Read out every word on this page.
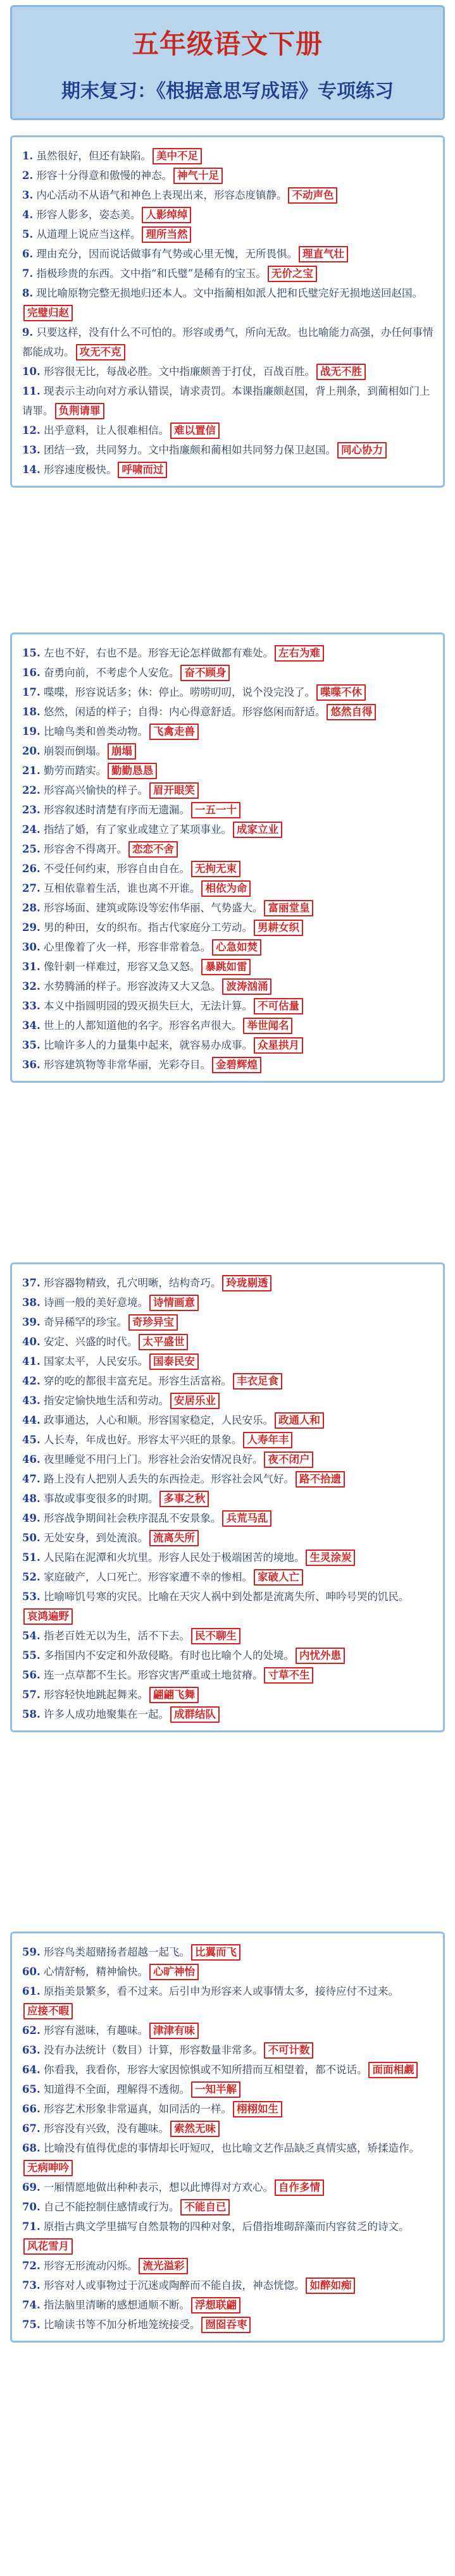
五年级语文下册
期末复习：《根据意思写成语》专项练习

1. 虽然很好，但还有缺陷。 美中不足

2. 形容十分得意和傲慢的神态。 神气十足

3. 内心活动不从语气和神色上表现出来，形容态度镇静。 不动声色

4. 形容人影多，姿态美。 人影绰绰

5. 从道理上说应当这样。 理所当然

6. 理由充分，因而说话做事有气势或心里无愧，无所畏惧。 理直气壮

7. 指极珍贵的东西。文中指“和氏璧”是稀有的宝玉。 无价之宝

8. 现比喻原物完整无损地归还本人。文中指蔺相如派人把和氏璧完好无损地送回赵国。完璧归赵

9. 只要这样，没有什么不可怕的。形容或勇气，所向无敌。也比喻能力高强，办任何事情都能成功。 攻无不克

10. 形容很无比，每战必胜。文中指廉颇善于打仗，百战百胜。 战无不胜

11. 现表示主动向对方承认错误，请求责罚。本课指廉颇赵国，背上荆条，到蔺相如门上请罪。 负荆请罪

12. 出乎意料，让人很难相信。 难以置信

13. 团结一致，共同努力。文中指廉颇和蔺相如共同努力保卫赵国。 同心协力

14. 形容速度极快。 呼啸而过

15. 左也不好，右也不是。形容无论怎样做都有难处。 左右为难

16. 奋勇向前，不考虑个人安危。 奋不顾身

17. 喋喋，形容说话多；休：停止。唠唠叨叨，说个没完没了。 喋喋不休

18. 悠然，闲适的样子；自得：内心得意舒适。形容悠闲而舒适。 悠然自得

19. 比喻鸟类和兽类动物。 飞禽走兽

20. 崩裂而倒塌。 崩塌

21. 勤劳而踏实。 勤勤恳恳

22. 形容高兴愉快的样子。 眉开眼笑

23. 形容叙述时清楚有序而无遗漏。 一五一十

24. 指结了婚，有了家业或建立了某项事业。 成家立业

25. 形容舍不得离开。 恋恋不舍

26. 不受任何约束，形容自由自在。 无拘无束

27. 互相依靠着生活，谁也离不开谁。 相依为命

28. 形容场面、建筑或陈设等宏伟华丽、气势盛大。 富丽堂皇

29. 男的种田，女的织布。指古代家庭分工劳动。 男耕女织

30. 心里像着了火一样，形容非常着急。 心急如焚

31. 像针刺一样难过，形容又急又怒。 暴跳如雷

32. 水势腾涌的样子。形容波涛又大又急。 波涛汹涌

33. 本义中指圆明园的毁灭损失巨大，无法计算。 不可估量

34. 世上的人都知道他的名字。形容名声很大。 举世闻名

35. 比喻许多人的力量集中起来，就容易办成事。 众星拱月

36. 形容建筑物等非常华丽，光彩夺目。 金碧辉煌

37. 形容器物精致，孔穴明晰，结构奇巧。 玲珑剔透

38. 诗画一般的美好意境。 诗情画意

39. 奇异稀罕的珍宝。 奇珍异宝

40. 安定、兴盛的时代。 太平盛世

41. 国家太平，人民安乐。 国泰民安

42. 穿的吃的都很丰富充足。形容生活富裕。 丰衣足食

43. 指安定愉快地生活和劳动。 安居乐业

44. 政事通达，人心和顺。形容国家稳定，人民安乐。 政通人和

45. 人长寿，年成也好。形容太平兴旺的景象。 人寿年丰

46. 夜里睡觉不用闩上门。形容社会治安情况良好。 夜不闭户

47. 路上没有人把别人丢失的东西捡走。形容社会风气好。 路不拾遗

48. 事故或事变很多的时期。 多事之秋

49. 形容战争期间社会秩序混乱不安景象。 兵荒马乱

50. 无处安身，到处流浪。 流离失所

51. 人民陷在泥潭和火坑里。形容人民处于极端困苦的境地。 生灵涂炭

52. 家庭破产，人口死亡。形容家遭不幸的惨相。 家破人亡

53. 比喻啼饥号寒的灾民。比喻在天灾人祸中到处都是流离失所、呻吟号哭的饥民。哀鸿遍野

54. 指老百姓无以为生，活不下去。 民不聊生

55. 多指国内不安定和外敌侵略。有时也比喻个人的处境。 内忧外患

56. 连一点草都不生长。形容灾害严重或土地贫瘠。 寸草不生

57. 形容轻快地跳起舞来。 翩翩飞舞

58. 许多人成功地聚集在一起。 成群结队

59. 形容鸟类超赌扬者超越一起飞。 比翼而飞

60. 心情舒畅，精神愉快。 心旷神怡

61. 原指美景繁多，看不过来。后引申为形容来人或事情太多，接待应付不过来。应接不暇

62. 形容有滋味，有趣味。 津津有味

63. 没有办法统计（数目）计算，形容数量非常多。 不可计数

64. 你看我，我看你，形容大家因惊惧或不知所措而互相望着，都不说话。 面面相觑

65. 知道得不全面，理解得不透彻。 一知半解

66. 形容艺术形象非常逼真，如同活的一样。 栩栩如生

67. 形容没有兴致，没有趣味。 索然无味

68. 比喻没有值得优虑的事情却长吁短叹，也比喻文艺作品缺乏真情实感，矫揉造作。无病呻吟

69. 一厢情愿地做出种种表示，想以此博得对方欢心。 自作多情

70. 自己不能控制住感情或行为。 不能自已

71. 原指古典文学里描写自然景物的四种对象，后借指堆砌辞藻而内容贫乏的诗文。风花雪月

72. 形容无形流动闪烁。 流光溢彩

73. 形容对人或事物过于沉迷或陶醉而不能自拔，神态恍惚。 如醉如痴

74. 指法脑里清晰的感想通顺不断。 浮想联翩

75. 比喻读书等不加分析地笼统接受。 囫囵吞枣
